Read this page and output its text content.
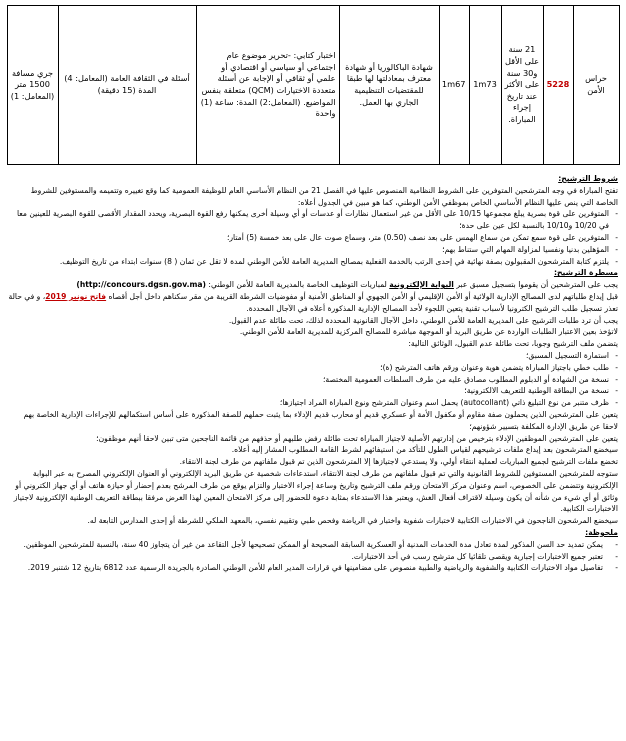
حراس الأمن	5228	21 سنة على الأقل و30 سنة على الأكثر عند تاريخ إجراء المباراة.	1m73	1m67	شهادة الباكالوريا أو شهادة معترف بمعادلتها لها طبقا للمقتضيات التنظيمية الجاري بها العمل.	اختبار كتابي: -تحرير موضوع عام اجتماعي أو سياسي أو اقتصادي أو علمي أو ثقافي أو الإجابة عن أسئلة متعددة الاختيارات (QCM) متعلقة بنفس المواضيع. (المعامل:2) المدة: ساعة (1) واحدة	أسئلة في الثقافة العامة (المعامل: 4) المدة (15 دقيقة)	جري مسافة 1500 متر (المعامل: 1)

شروط الترشيح:

تفتح المباراة في وجه المترشحين المتوفرين على الشروط النظامية المنصوص عليها في الفصل 21 من النظام الأساسي العام للوظيفة العمومية كما وقع تغييره وتتميمه والمستوفين للشروط الخاصة التي ينص عليها النظام الأساسي الخاص بموظفي الأمن الوطني، كما هو مبين في الجدول أعلاه:

- المتوفرين على قوة بصرية يبلغ مجموعها 10/15 على الأقل من غير استعمال نظارات أو عدسات أو أي وسيلة أخرى يمكنها رفع القوة البصرية، ويحدد المقدار الأقصى للقوة البصرية للعينين معا في 10/20 و10/10 بالنسبة لكل عين على حدة؛

- المتوفرين على قوة سمع تمكن من سماع الهمس على بعد نصف (0.50) متر، وسماع صوت عال على بعد خمسة (5) أمتار؛

- المؤهلين بدنيا ونفسيا لمزاولة المهام التي ستناط بهم؛

- يلتزم كتابة المترشحون المقبولون بصفة نهائية في إحدى الرتب بالخدمة الفعلية بمصالح المديرية العامة للأمن الوطني لمدة لا تقل عن ثمان ( 8) سنوات ابتداء من تاريخ التوظيف.

مسطرة الترشيح:

يجب على المترشحين أن يقوموا بتسجيل مسبق عبر البوابة الإلكترونية لمباريات التوظيف الخاصة بالمديرية العامة للأمن الوطني: (http://concours.dgsn.gov.ma)

قبل إيداع طلباتهم لدى المصالح الإدارية الولائية أو الأمن الإقليمي أو الأمن الجهوي أو المناطق الأمنية أو مفوضيات الشرطة القريبة من مقر سكناهم داخل أجل أقصاه فاتح نونبر 2019، و في حالة تعذر تسجيل طلب الترشيح الكترونيا لأسباب تقنية يتعين اللجوء لأحد المصالح الإدارية المذكورة أعلاه في الآجال المحددة.

يجب أن ترد طلبات الترشيح على المديرية العامة للأمن الوطني، داخل الآجال القانونية المحددة لذلك، تحت طائلة عدم القبول.

لاتؤخذ بعين الاعتبار الطلبات الواردة عن طريق البريد أو الموجهة مباشرة للمصالح المركزية للمديرية العامة للأمن الوطني.

يتضمن ملف الترشيح وجوبا، تحت طائلة عدم القبول، الوثائق التالية:

- استمارة التسجيل المسبق؛

- طلب خطي باجتياز المباراة يتضمن هوية وعنوان ورقم هاتف المترشح (ة)؛

- نسخة من الشهادة أو الدبلوم المطلوب مصادق عليه من طرف السلطات العمومية المختصة؛

- نسخة من البطاقة الوطنية للتعريف الالكترونية؛

- ظرف متنبر من نوع التبليغ ذاتي (autocollant) يحمل اسم وعنوان المترشح ونوع المباراة المراد اجتيازها؛

يتعين على المترشحين الذين يحملون صفة مقاوم أو مكفول الأمة أو عسكري قديم أو محارب قديم الإدلاء بما يثبت حملهم للصفة المذكورة على أساس استكمالهم للإجراءات الإدارية الخاصة بهم لاحقا عن طريق الإدارة المكلفة بتسيير شؤونهم؛

يتعين على المترشحين الموظفين الإدلاء بترخيص من إدارتهم الأصلية لاجتياز المباراة تحت طائلة رفض طلبهم أو حذفهم من قائمة الناجحين متى تبين لاحقا أنهم موظفون؛

سيخضع المترشحون بعد إيداع ملفات ترشيحهم لقياس الطول للتأكد من استيفائهم لشرط القامة المطلوب المشار إليه أعلاه.

تخضع ملفات الترشيح لجميع المباريات لعملية انتقاء أولي، ولا يستدعي لاجتيازها إلا المترشحون الذين تم قبول ملفاتهم من طرف لجنة الانتقاء.

ستوجه للمترشحين المستوفين للشروط القانونية والتي تم قبول ملفاتهم من طرف لجنة الانتقاء، استدعاءات شخصية عن طريق البريد الإلكتروني أو العنوان الإلكتروني المصرح به عبر البوابة الإلكترونية وتتضمن على الخصوص، اسم وعنوان مركز الامتحان ورقم ملف الترشيح وتاريخ وساعة إجراء الاختبار والتزام يوقع من طرف المرشح بعدم إحضار أو حيازة هاتف أو أي جهاز الكتروني أو وثائق أو أي شيء من شأنه أن يكون وسيلة لاقتراف أفعال الغش، ويعتبر هذا الاستدعاء بمثابة دعوة للحضور إلى مركز الامتحان المعين لهذا الغرض مرفقا ببطاقة التعريف الوطنية الإلكترونية لاجتياز الاختبارات الكتابية.

سيخضع المرشحون الناجحون في الاختبارات الكتابية لاختبارات شفوية واختبار في الرياضة وفحص طبي وتقييم نفسي، بالمعهد الملكي للشرطة أو إحدى المدارس التابعة له.

ملحوظة:

- يمكن تمديد حد السن المذكور لمدة تعادل مدة الخدمات المدنية أو العسكرية السابقة الصحيحة أو الممكن تصحيحها لأجل التقاعد من غير أن يتجاوز 40 سنة، بالنسبة للمترشحين الموظفين.

- تعتبر جميع الاختبارات إجبارية ويقصى تلقائيا كل مترشح رسب في أحد الاختبارات.

- تفاصيل مواد الاختبارات الكتابية والشفوية والرياضية والطبية منصوص على مضامينها في قرارات المدير العام للأمن الوطني الصادرة بالجريدة الرسمية عدد 6812 بتاريخ 12 شتنبر 2019.
